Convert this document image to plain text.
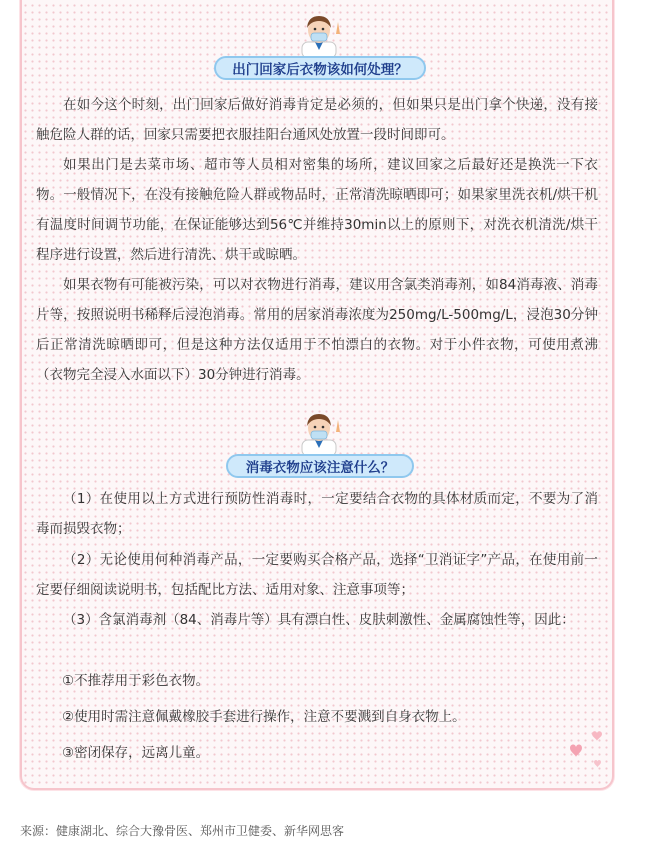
出门回家后衣物该如何处理？

在如今这个时刻，出门回家后做好消毒肯定是必须的，但如果只是出门拿个快递，没有接触危险人群的话，回家只需要把衣服挂阳台通风处放置一段时间即可。

如果出门是去菜市场、超市等人员相对密集的场所，建议回家之后最好还是换洗一下衣物。一般情况下，在没有接触危险人群或物品时，正常清洗晾晒即可；如果家里洗衣机/烘干机有温度时间调节功能，在保证能够达到56℃并维持30min以上的原则下，对洗衣机清洗/烘干程序进行设置，然后进行清洗、烘干或晾晒。

如果衣物有可能被污染，可以对衣物进行消毒，建议用含氯类消毒剂，如84消毒液、消毒片等，按照说明书稀释后浸泡消毒。常用的居家消毒浓度为250mg/L-500mg/L，浸泡30分钟后正常清洗晾晒即可，但是这种方法仅适用于不怕漂白的衣物。对于小件衣物，可使用煮沸（衣物完全浸入水面以下）30分钟进行消毒。

消毒衣物应该注意什么？

（1）在使用以上方式进行预防性消毒时，一定要结合衣物的具体材质而定，不要为了消毒而损毁衣物；

（2）无论使用何种消毒产品，一定要购买合格产品，选择“卫消证字”产品，在使用前一定要仔细阅读说明书，包括配比方法、适用对象、注意事项等；

（3）含氯消毒剂（84、消毒片等）具有漂白性、皮肤刺激性、金属腐蚀性等，因此：

①不推荐用于彩色衣物。

②使用时需注意佩戴橡胶手套进行操作，注意不要溅到自身衣物上。

③密闭保存，远离儿童。

来源：健康湖北、综合大豫骨医、郑州市卫健委、新华网思客
